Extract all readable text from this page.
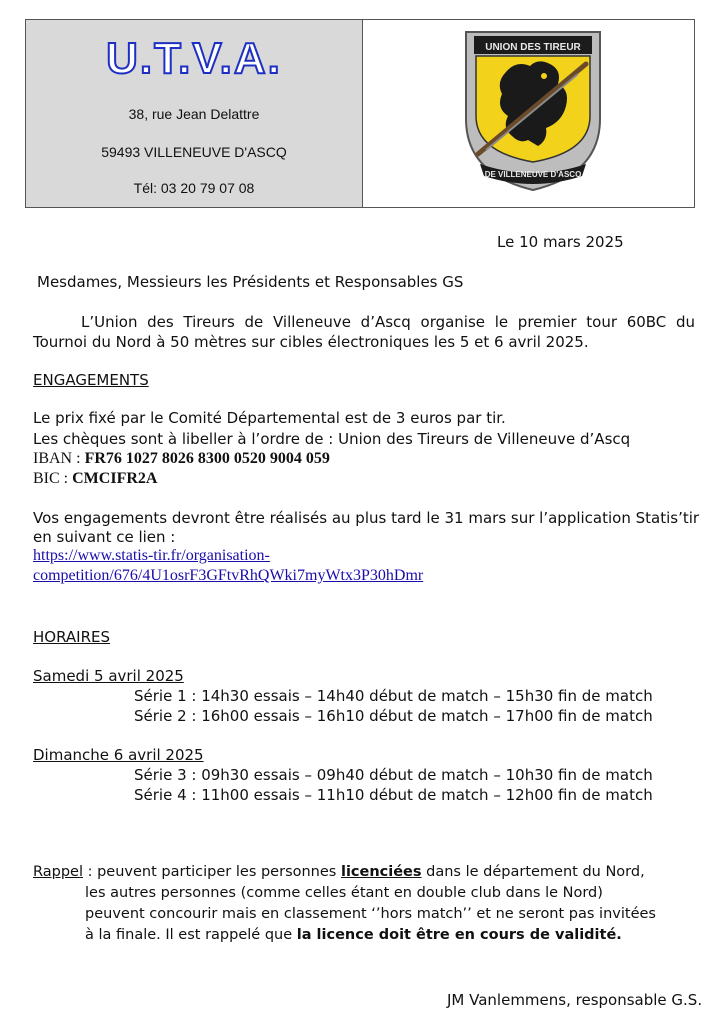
U.T.V.A.
38, rue Jean Delattre
59493 VILLENEUVE D'ASCQ
Tél: 03 20 79 07 08
UNION DES TIREUR
DE VILLENEUVE D'ASCQ
Le 10 mars 2025
Mesdames, Messieurs les Présidents et Responsables GS
L’Union des Tireurs de Villeneuve d’Ascq organise le premier tour 60BC du Tournoi du Nord à 50 mètres sur cibles électroniques les 5 et 6 avril 2025.
ENGAGEMENTS
Le prix fixé par le Comité Départemental est de 3 euros par tir.
Les chèques sont à libeller à l’ordre de : Union des Tireurs de Villeneuve d’Ascq
IBAN : FR76 1027 8026 8300 0520 9004 059
BIC : CMCIFR2A
Vos engagements devront être réalisés au plus tard le 31 mars sur l’application Statis’tir
en suivant ce lien :
https://www.statis-tir.fr/organisation-
competition/676/4U1osrF3GFtvRhQWki7myWtx3P30hDmr
HORAIRES
Samedi 5 avril 2025
Série 1 : 14h30 essais – 14h40 début de match – 15h30 fin de match
Série 2 : 16h00 essais – 16h10 début de match – 17h00 fin de match
Dimanche 6 avril 2025
Série 3 : 09h30 essais – 09h40 début de match – 10h30 fin de match
Série 4 : 11h00 essais – 11h10 début de match – 12h00 fin de match
Rappel : peuvent participer les personnes licenciées dans le département du Nord,
les autres personnes (comme celles étant en double club dans le Nord)
peuvent concourir mais en classement ‘’hors match’’ et ne seront pas invitées
à la finale. Il est rappelé que la licence doit être en cours de validité.
JM Vanlemmens, responsable G.S.
